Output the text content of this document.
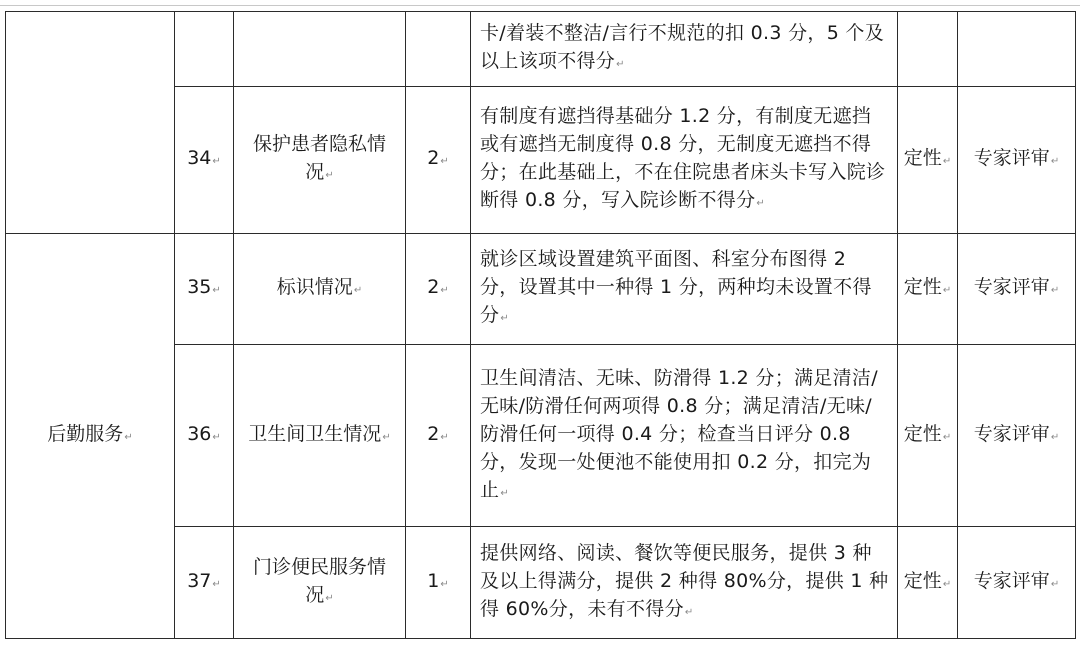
				卡/着装不整洁/言行不规范的扣 0.3 分，5 个及以上该项不得分↵		
	34↵	保护患者隐私情况↵	2↵	有制度有遮挡得基础分 1.2 分，有制度无遮挡或有遮挡无制度得 0.8 分，无制度无遮挡不得分；在此基础上，不在住院患者床头卡写入院诊断得 0.8 分，写入院诊断不得分↵	定性↵	专家评审↵
后勤服务↵	35↵	标识情况↵	2↵	就诊区域设置建筑平面图、科室分布图得 2 分，设置其中一种得 1 分，两种均未设置不得分↵	定性↵	专家评审↵
	36↵	卫生间卫生情况↵	2↵	卫生间清洁、无味、防滑得 1.2 分；满足清洁/无味/防滑任何两项得 0.8 分；满足清洁/无味/防滑任何一项得 0.4 分；检查当日评分 0.8 分，发现一处便池不能使用扣 0.2 分，扣完为止↵	定性↵	专家评审↵
	37↵	门诊便民服务情况↵	1↵	提供网络、阅读、餐饮等便民服务，提供 3 种及以上得满分，提供 2 种得 80%分，提供 1 种得 60%分，未有不得分↵	定性↵	专家评审↵
